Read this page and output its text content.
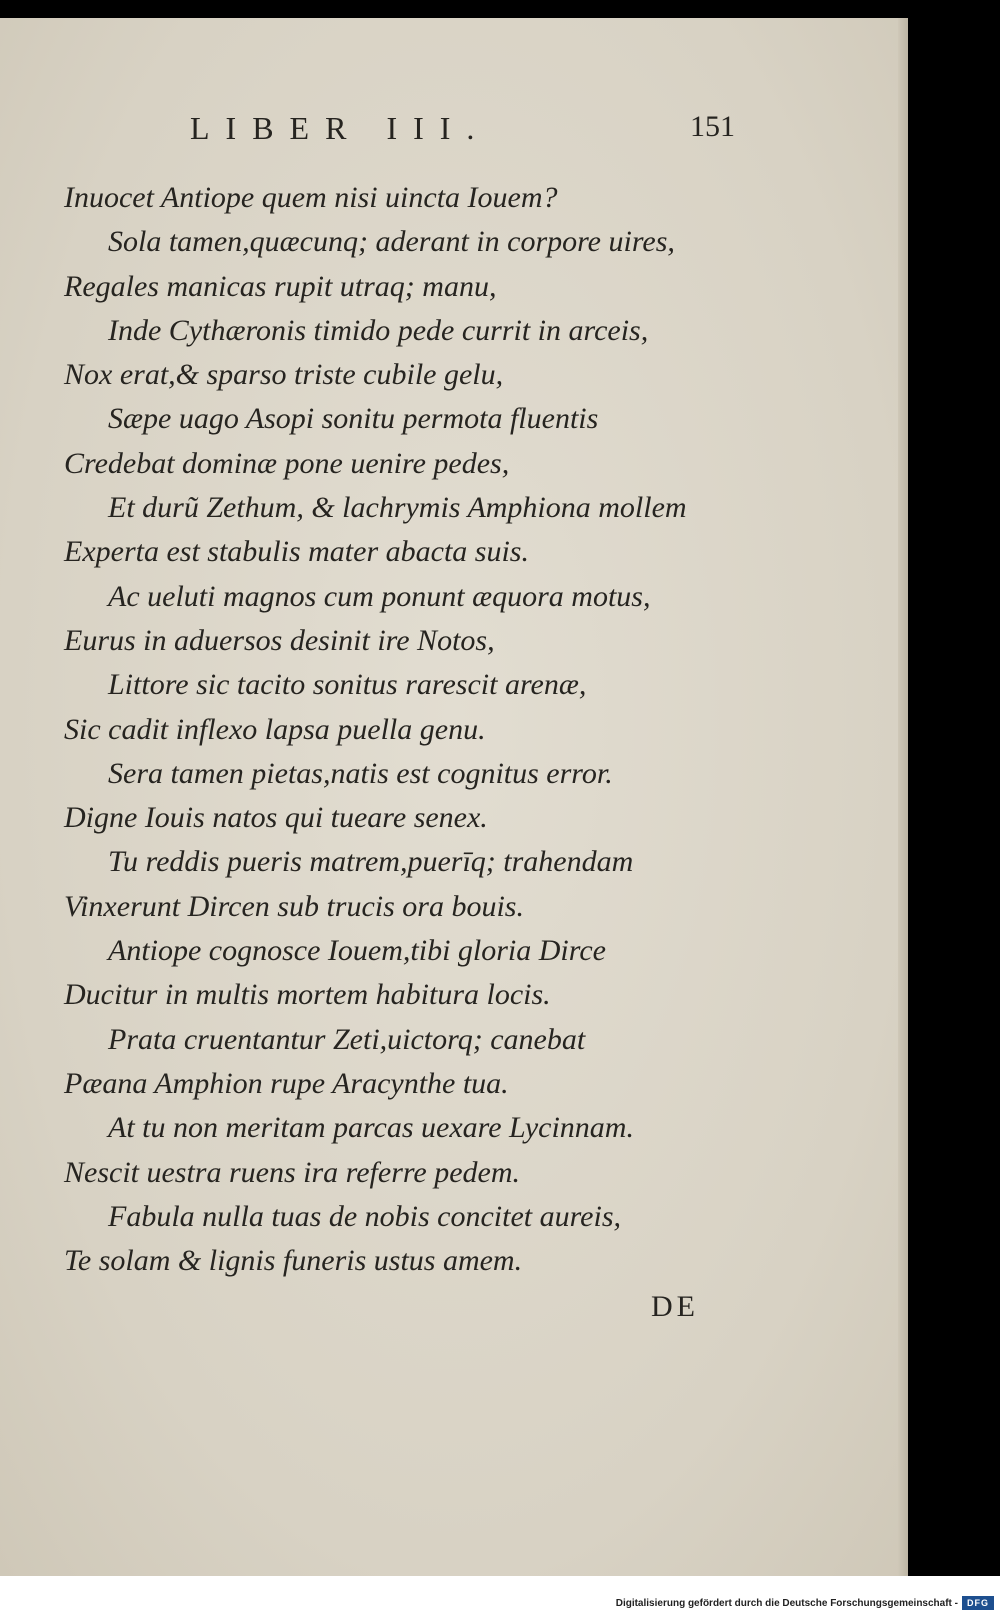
LIBER III.	151
Inuocet Antiope quem nisi uincta Iouem?
Sola tamen,quæcunq; aderant in corpore uires,
Regales manicas rupit utraq; manu,
Inde Cythæronis timido pede currit in arceis,
Nox erat,& sparso triste cubile gelu,
Sæpe uago Asopi sonitu permota fluentis
Credebat dominæ pone uenire pedes,
Et durũ Zethum, & lachrymis Amphiona mollem
Experta est stabulis mater abacta suis.
Ac ueluti magnos cum ponunt æquora motus,
Eurus in aduersos desinit ire Notos,
Littore sic tacito sonitus rarescit arenæ,
Sic cadit inflexo lapsa puella genu.
Sera tamen pietas,natis est cognitus error.
Digne Iouis natos qui tueare senex.
Tu reddis pueris matrem,puerīq; trahendam
Vinxerunt Dircen sub trucis ora bouis.
Antiope cognosce Iouem,tibi gloria Dirce
Ducitur in multis mortem habitura locis.
Prata cruentantur Zeti,uictorq; canebat
Pæana Amphion rupe Aracynthe tua.
At tu non meritam parcas uexare Lycinnam.
Nescit uestra ruens ira referre pedem.
Fabula nulla tuas de nobis concitet aureis,
Te solam & lignis funeris ustus amem.
DE
Digitalisierung gefördert durch die Deutsche Forschungsgemeinschaft -	DFG
